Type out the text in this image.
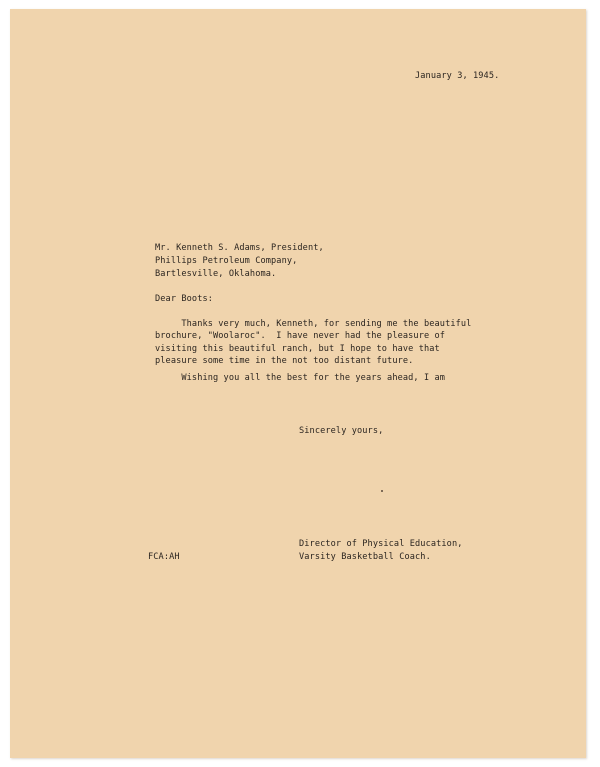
January 3, 1945.
Mr. Kenneth S. Adams, President,
Phillips Petroleum Company,
Bartlesville, Oklahoma.
Dear Boots:
Thanks very much, Kenneth, for sending me the beautiful
brochure, "Woolaroc".  I have never had the pleasure of
visiting this beautiful ranch, but I hope to have that
pleasure some time in the not too distant future.
Wishing you all the best for the years ahead, I am
Sincerely yours,
Director of Physical Education,
Varsity Basketball Coach.
FCA:AH
